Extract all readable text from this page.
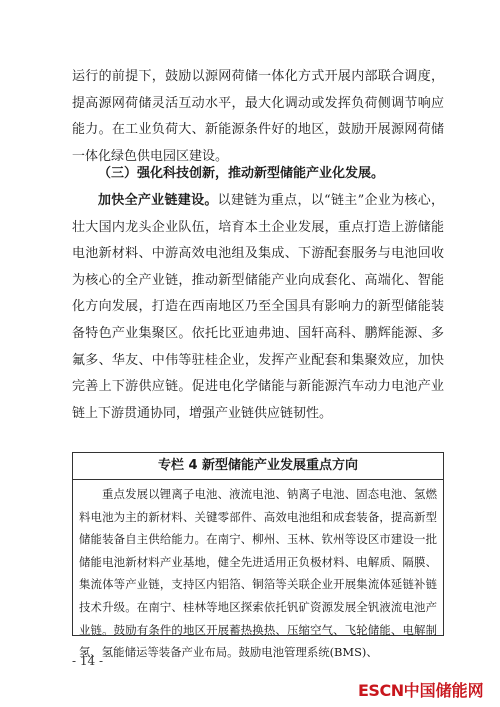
运行的前提下，鼓励以源网荷储一体化方式开展内部联合调度，提高源网荷储灵活互动水平，最大化调动或发挥负荷侧调节响应能力。在工业负荷大、新能源条件好的地区，鼓励开展源网荷储一体化绿色供电园区建设。

（三）强化科技创新，推动新型储能产业化发展。

加快全产业链建设。以建链为重点，以“链主”企业为核心，壮大国内龙头企业队伍，培育本土企业发展，重点打造上游储能电池新材料、中游高效电池组及集成、下游配套服务与电池回收为核心的全产业链，推动新型储能产业向成套化、高端化、智能化方向发展，打造在西南地区乃至全国具有影响力的新型储能装备特色产业集聚区。依托比亚迪弗迪、国轩高科、鹏辉能源、多氟多、华友、中伟等驻桂企业，发挥产业配套和集聚效应，加快完善上下游供应链。促进电化学储能与新能源汽车动力电池产业链上下游贯通协同，增强产业链供应链韧性。

专栏 4 新型储能产业发展重点方向
重点发展以锂离子电池、液流电池、钠离子电池、固态电池、氢燃料电池为主的新材料、关键零部件、高效电池组和成套装备，提高新型储能装备自主供给能力。在南宁、柳州、玉林、钦州等设区市建设一批储能电池新材料产业基地，健全先进适用正负极材料、电解质、隔膜、集流体等产业链，支持区内铝箔、铜箔等关联企业开展集流体延链补链技术升级。在南宁、桂林等地区探索依托钒矿资源发展全钒液流电池产业链。鼓励有条件的地区开展蓄热换热、压缩空气、飞轮储能、电解制氢、氢能储运等装备产业布局。鼓励电池管理系统(BMS)、
- 14 -
ESCN中国储能网
